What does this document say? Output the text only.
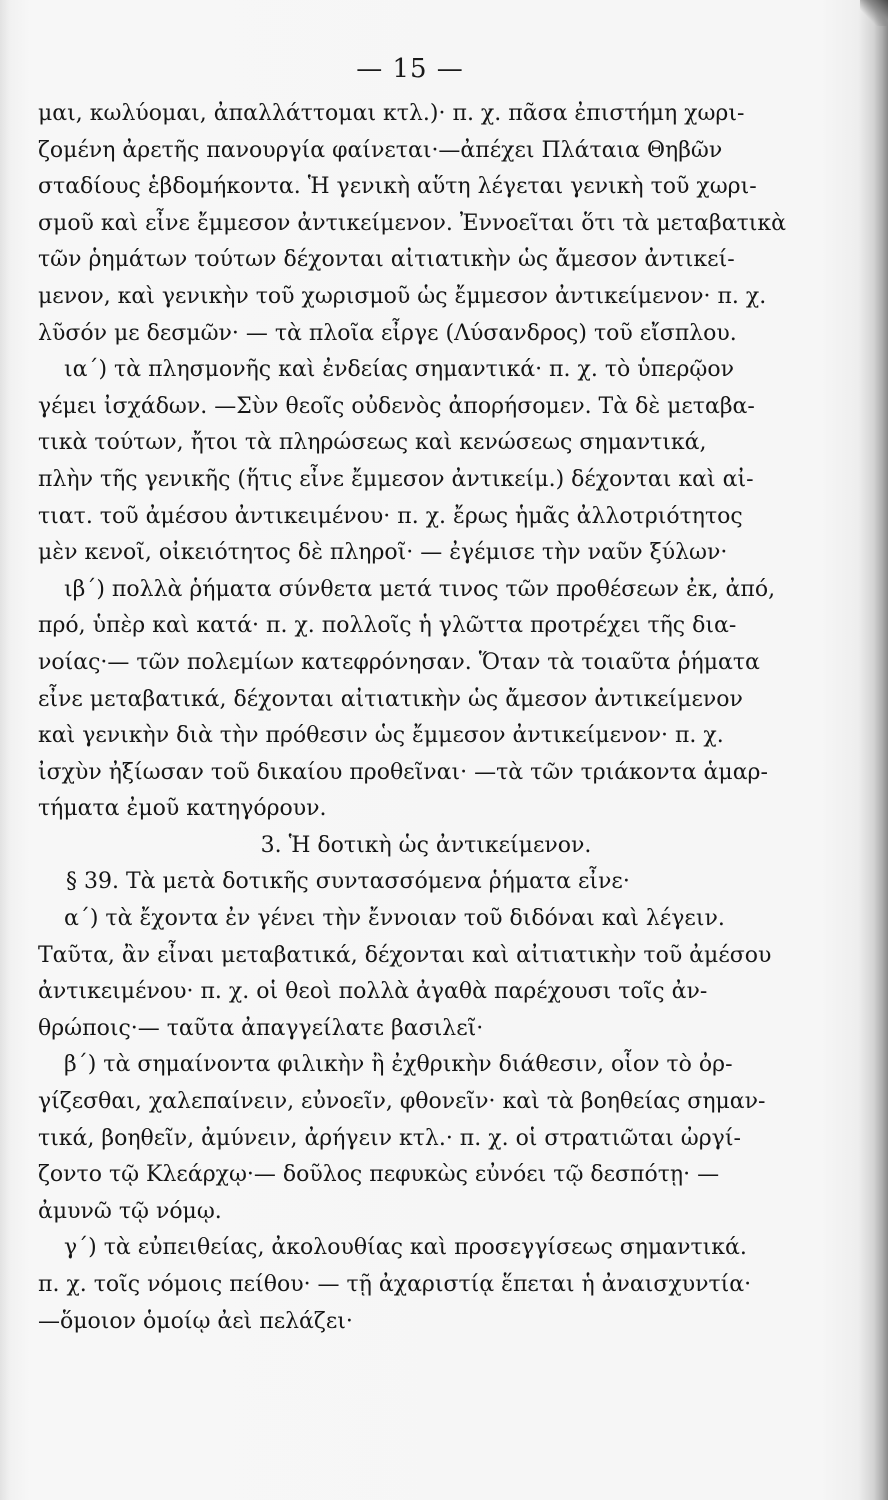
— 15 —
μαι, κωλύομαι, ἀπαλλάττομαι κτλ.)· π. χ. πᾶσα ἐπιστήμη χωρι-
ζομένη ἀρετῆς πανουργία φαίνεται·—ἀπέχει Πλάταια Θηβῶν
σταδίους ἑβδομήκοντα. Ἡ γενικὴ αὕτη λέγεται γενικὴ τοῦ χωρι-
σμοῦ καὶ εἶνε ἔμμεσον ἀντικείμενον. Ἐννοεῖται ὅτι τὰ μεταβατικὰ
τῶν ῥημάτων τούτων δέχονται αἰτιατικὴν ὡς ἄμεσον ἀντικεί-
μενον, καὶ γενικὴν τοῦ χωρισμοῦ ὡς ἔμμεσον ἀντικείμενον· π. χ.
λῦσόν με δεσμῶν· — τὰ πλοῖα εἶργε (Λύσανδρος) τοῦ εἴσπλου.
ια΄) τὰ πλησμονῆς καὶ ἐνδείας σημαντικά· π. χ. τὸ ὑπερῷον
γέμει ἰσχάδων. —Σὺν θεοῖς οὐδενὸς ἀπορήσομεν. Τὰ δὲ μεταβα-
τικὰ τούτων, ἤτοι τὰ πληρώσεως καὶ κενώσεως σημαντικά,
πλὴν τῆς γενικῆς (ἥτις εἶνε ἔμμεσον ἀντικείμ.) δέχονται καὶ αἰ-
τιατ. τοῦ ἀμέσου ἀντικειμένου· π. χ. ἔρως ἡμᾶς ἀλλοτριότητος
μὲν κενοῖ, οἰκειότητος δὲ πληροῖ· — ἐγέμισε τὴν ναῦν ξύλων·
ιβ΄) πολλὰ ῥήματα σύνθετα μετά τινος τῶν προθέσεων ἐκ, ἀπό,
πρό, ὑπὲρ καὶ κατά· π. χ. πολλοῖς ἡ γλῶττα προτρέχει τῆς δια-
νοίας·— τῶν πολεμίων κατεφρόνησαν. Ὅταν τὰ τοιαῦτα ῥήματα
εἶνε μεταβατικά, δέχονται αἰτιατικὴν ὡς ἄμεσον ἀντικείμενον
καὶ γενικὴν διὰ τὴν πρόθεσιν ὡς ἔμμεσον ἀντικείμενον· π. χ.
ἰσχὺν ἠξίωσαν τοῦ δικαίου προθεῖναι· —τὰ τῶν τριάκοντα ἁμαρ-
τήματα ἐμοῦ κατηγόρουν.
3. Ἡ δοτικὴ ὡς ἀντικείμενον.
§ 39. Τὰ μετὰ δοτικῆς συντασσόμενα ῥήματα εἶνε·
α΄) τὰ ἔχοντα ἐν γένει τὴν ἔννοιαν τοῦ διδόναι καὶ λέγειν.
Ταῦτα, ἂν εἶναι μεταβατικά, δέχονται καὶ αἰτιατικὴν τοῦ ἀμέσου
ἀντικειμένου· π. χ. οἱ θεοὶ πολλὰ ἀγαθὰ παρέχουσι τοῖς ἀν-
θρώποις·— ταῦτα ἀπαγγείλατε βασιλεῖ·
β΄) τὰ σημαίνοντα φιλικὴν ἢ ἐχθρικὴν διάθεσιν, οἷον τὸ ὀρ-
γίζεσθαι, χαλεπαίνειν, εὐνοεῖν, φθονεῖν· καὶ τὰ βοηθείας σημαν-
τικά, βοηθεῖν, ἀμύνειν, ἀρήγειν κτλ.· π. χ. οἱ στρατιῶται ὠργί-
ζοντο τῷ Κλεάρχῳ·— δοῦλος πεφυκὼς εὐνόει τῷ δεσπότῃ· —
ἀμυνῶ τῷ νόμῳ.
γ΄) τὰ εὐπειθείας, ἀκολουθίας καὶ προσεγγίσεως σημαντικά.
π. χ. τοῖς νόμοις πείθου· — τῇ ἀχαριστίᾳ ἕπεται ἡ ἀναισχυντία·
—ὅμοιον ὁμοίῳ ἀεὶ πελάζει·
